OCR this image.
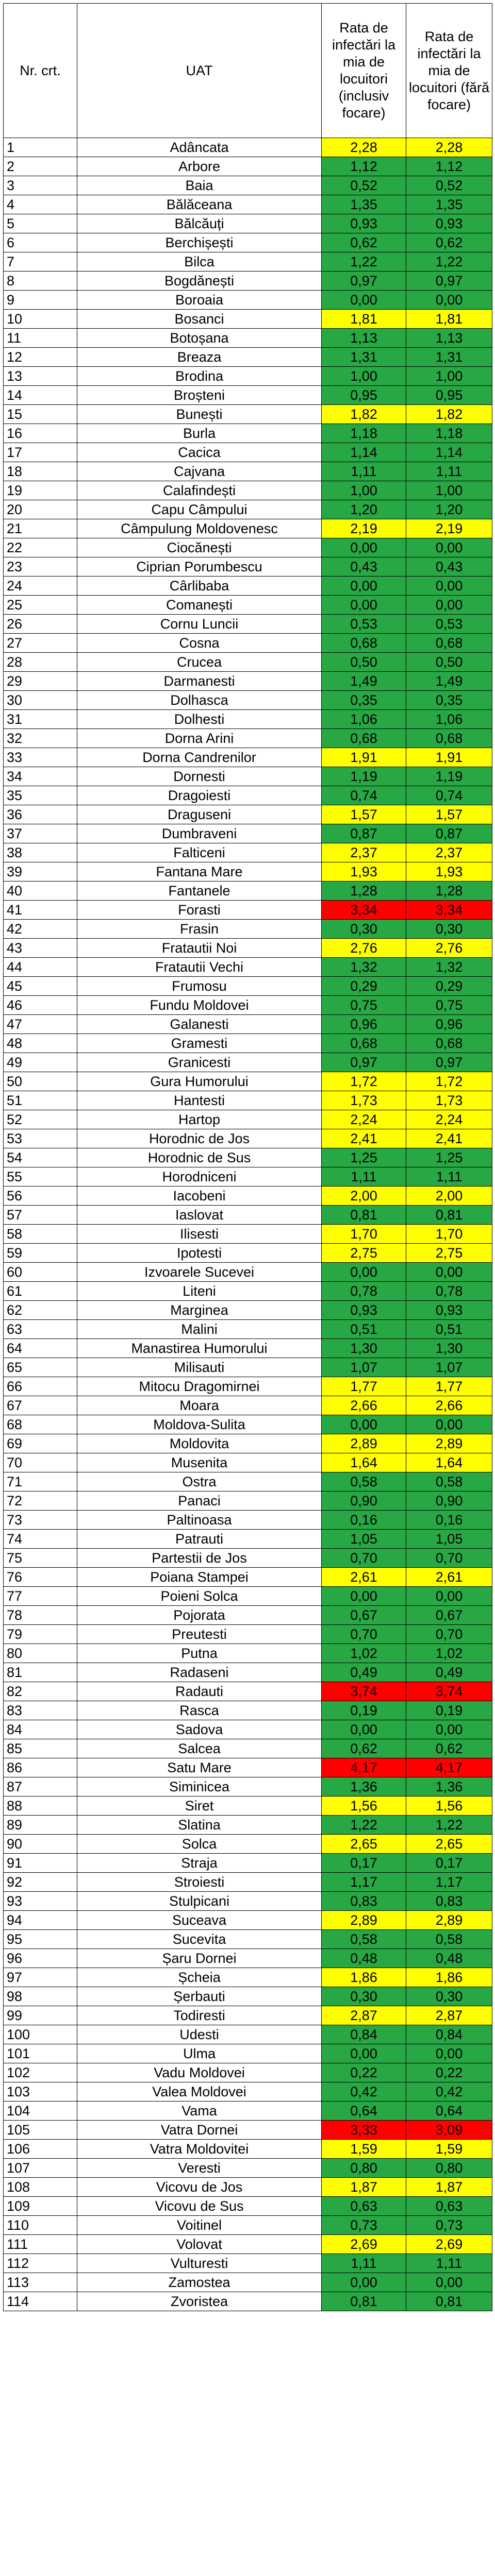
Nr. crt.	UAT	Rata de infectări la mia de locuitori (inclusiv focare)	Rata de infectări la mia de locuitori (fără focare)
1	Adâncata	2,28	2,28
2	Arbore	1,12	1,12
3	Baia	0,52	0,52
4	Bălăceana	1,35	1,35
5	Bălcăuți	0,93	0,93
6	Berchișești	0,62	0,62
7	Bilca	1,22	1,22
8	Bogdănești	0,97	0,97
9	Boroaia	0,00	0,00
10	Bosanci	1,81	1,81
11	Botoșana	1,13	1,13
12	Breaza	1,31	1,31
13	Brodina	1,00	1,00
14	Broșteni	0,95	0,95
15	Bunești	1,82	1,82
16	Burla	1,18	1,18
17	Cacica	1,14	1,14
18	Cajvana	1,11	1,11
19	Calafindești	1,00	1,00
20	Capu Câmpului	1,20	1,20
21	Câmpulung Moldovenesc	2,19	2,19
22	Ciocănești	0,00	0,00
23	Ciprian Porumbescu	0,43	0,43
24	Cârlibaba	0,00	0,00
25	Comanești	0,00	0,00
26	Cornu Luncii	0,53	0,53
27	Cosna	0,68	0,68
28	Crucea	0,50	0,50
29	Darmanesti	1,49	1,49
30	Dolhasca	0,35	0,35
31	Dolhesti	1,06	1,06
32	Dorna Arini	0,68	0,68
33	Dorna Candrenilor	1,91	1,91
34	Dornesti	1,19	1,19
35	Dragoiesti	0,74	0,74
36	Draguseni	1,57	1,57
37	Dumbraveni	0,87	0,87
38	Falticeni	2,37	2,37
39	Fantana Mare	1,93	1,93
40	Fantanele	1,28	1,28
41	Forasti	3,34	3,34
42	Frasin	0,30	0,30
43	Fratautii Noi	2,76	2,76
44	Fratautii Vechi	1,32	1,32
45	Frumosu	0,29	0,29
46	Fundu Moldovei	0,75	0,75
47	Galanesti	0,96	0,96
48	Gramesti	0,68	0,68
49	Granicesti	0,97	0,97
50	Gura Humorului	1,72	1,72
51	Hantesti	1,73	1,73
52	Hartop	2,24	2,24
53	Horodnic de Jos	2,41	2,41
54	Horodnic de Sus	1,25	1,25
55	Horodniceni	1,11	1,11
56	Iacobeni	2,00	2,00
57	Iaslovat	0,81	0,81
58	Ilisesti	1,70	1,70
59	Ipotesti	2,75	2,75
60	Izvoarele Sucevei	0,00	0,00
61	Liteni	0,78	0,78
62	Marginea	0,93	0,93
63	Malini	0,51	0,51
64	Manastirea Humorului	1,30	1,30
65	Milisauti	1,07	1,07
66	Mitocu Dragomirnei	1,77	1,77
67	Moara	2,66	2,66
68	Moldova-Sulita	0,00	0,00
69	Moldovita	2,89	2,89
70	Musenita	1,64	1,64
71	Ostra	0,58	0,58
72	Panaci	0,90	0,90
73	Paltinoasa	0,16	0,16
74	Patrauti	1,05	1,05
75	Partestii de Jos	0,70	0,70
76	Poiana Stampei	2,61	2,61
77	Poieni Solca	0,00	0,00
78	Pojorata	0,67	0,67
79	Preutesti	0,70	0,70
80	Putna	1,02	1,02
81	Radaseni	0,49	0,49
82	Radauti	3,74	3,74
83	Rasca	0,19	0,19
84	Sadova	0,00	0,00
85	Salcea	0,62	0,62
86	Satu Mare	4,17	4,17
87	Siminicea	1,36	1,36
88	Siret	1,56	1,56
89	Slatina	1,22	1,22
90	Solca	2,65	2,65
91	Straja	0,17	0,17
92	Stroiesti	1,17	1,17
93	Stulpicani	0,83	0,83
94	Suceava	2,89	2,89
95	Sucevita	0,58	0,58
96	Șaru Dornei	0,48	0,48
97	Șcheia	1,86	1,86
98	Șerbauti	0,30	0,30
99	Todiresti	2,87	2,87
100	Udesti	0,84	0,84
101	Ulma	0,00	0,00
102	Vadu Moldovei	0,22	0,22
103	Valea Moldovei	0,42	0,42
104	Vama	0,64	0,64
105	Vatra Dornei	3,33	3,09
106	Vatra Moldovitei	1,59	1,59
107	Veresti	0,80	0,80
108	Vicovu de Jos	1,87	1,87
109	Vicovu de Sus	0,63	0,63
110	Voitinel	0,73	0,73
111	Volovat	2,69	2,69
112	Vulturesti	1,11	1,11
113	Zamostea	0,00	0,00
114	Zvoristea	0,81	0,81
